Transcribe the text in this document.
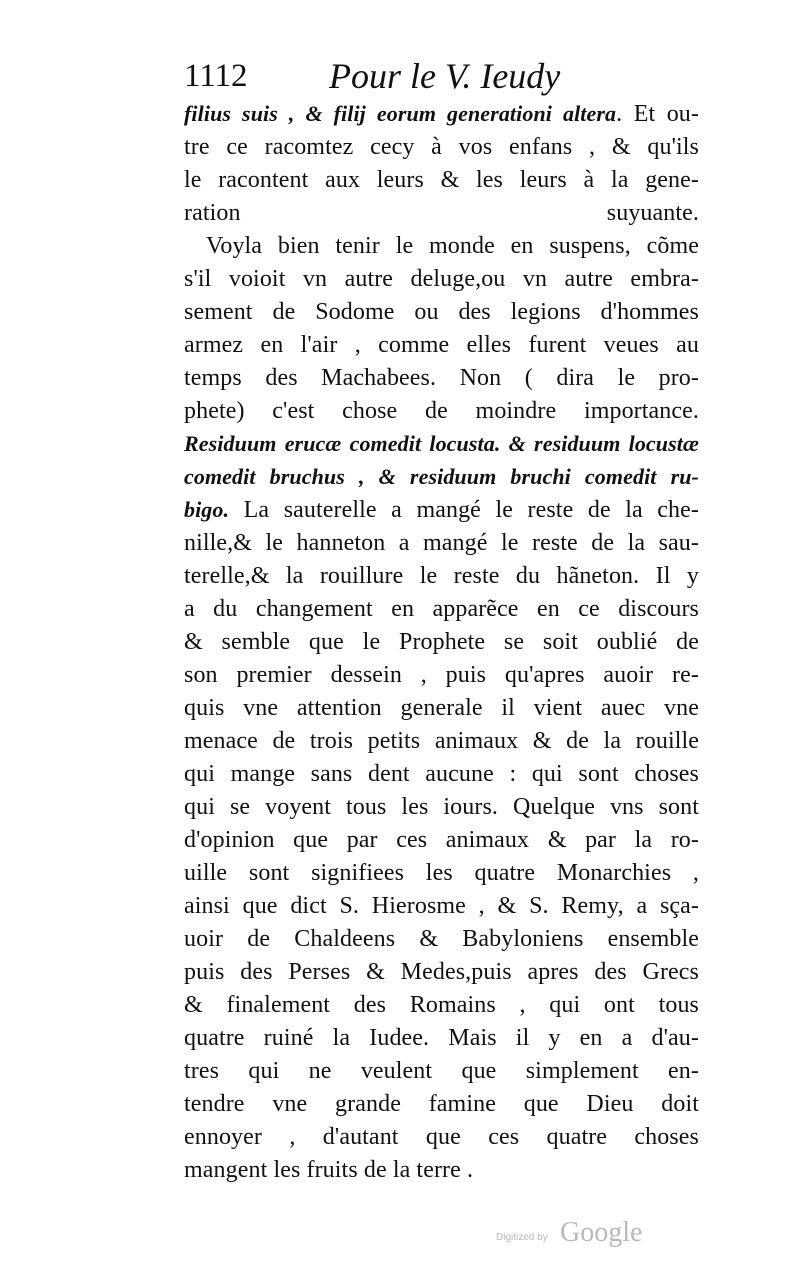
1112 Pour le V. Ieudy
filius suis , & filij eorum generationi altera. Et ou-
tre ce racomtez cecy à vos enfans , & qu'ils
le racontent aux leurs & les leurs à la gene-
ration suyuante.
Voyla bien tenir le monde en suspens, cõme
s'il voioit vn autre deluge,ou vn autre embra-
sement de Sodome ou des legions d'hommes
armez en l'air , comme elles furent veues au
temps des Machabees. Non ( dira le pro-
phete) c'est chose de moindre importance.
Residuum erucæ comedit locusta. & residuum locustæ
comedit bruchus , & residuum bruchi comedit ru-
bigo. La sauterelle a mangé le reste de la che-
nille,& le hanneton a mangé le reste de la sau-
terelle,& la rouillure le reste du hãneton. Il y
a du changement en apparẽce en ce discours
& semble que le Prophete se soit oublié de
son premier dessein , puis qu'apres auoir re-
quis vne attention generale il vient auec vne
menace de trois petits animaux & de la rouille
qui mange sans dent aucune : qui sont choses
qui se voyent tous les iours. Quelque vns sont
d'opinion que par ces animaux & par la ro-
uille sont signifiees les quatre Monarchies ,
ainsi que dict S. Hierosme , & S. Remy, a sça-
uoir de Chaldeens & Babyloniens ensemble
puis des Perses & Medes,puis apres des Grecs
& finalement des Romains , qui ont tous
quatre ruiné la Iudee. Mais il y en a d'au-
tres qui ne veulent que simplement en-
tendre vne grande famine que Dieu doit
ennoyer , d'autant que ces quatre choses
mangent les fruits de la terre .
Digitized by Google
